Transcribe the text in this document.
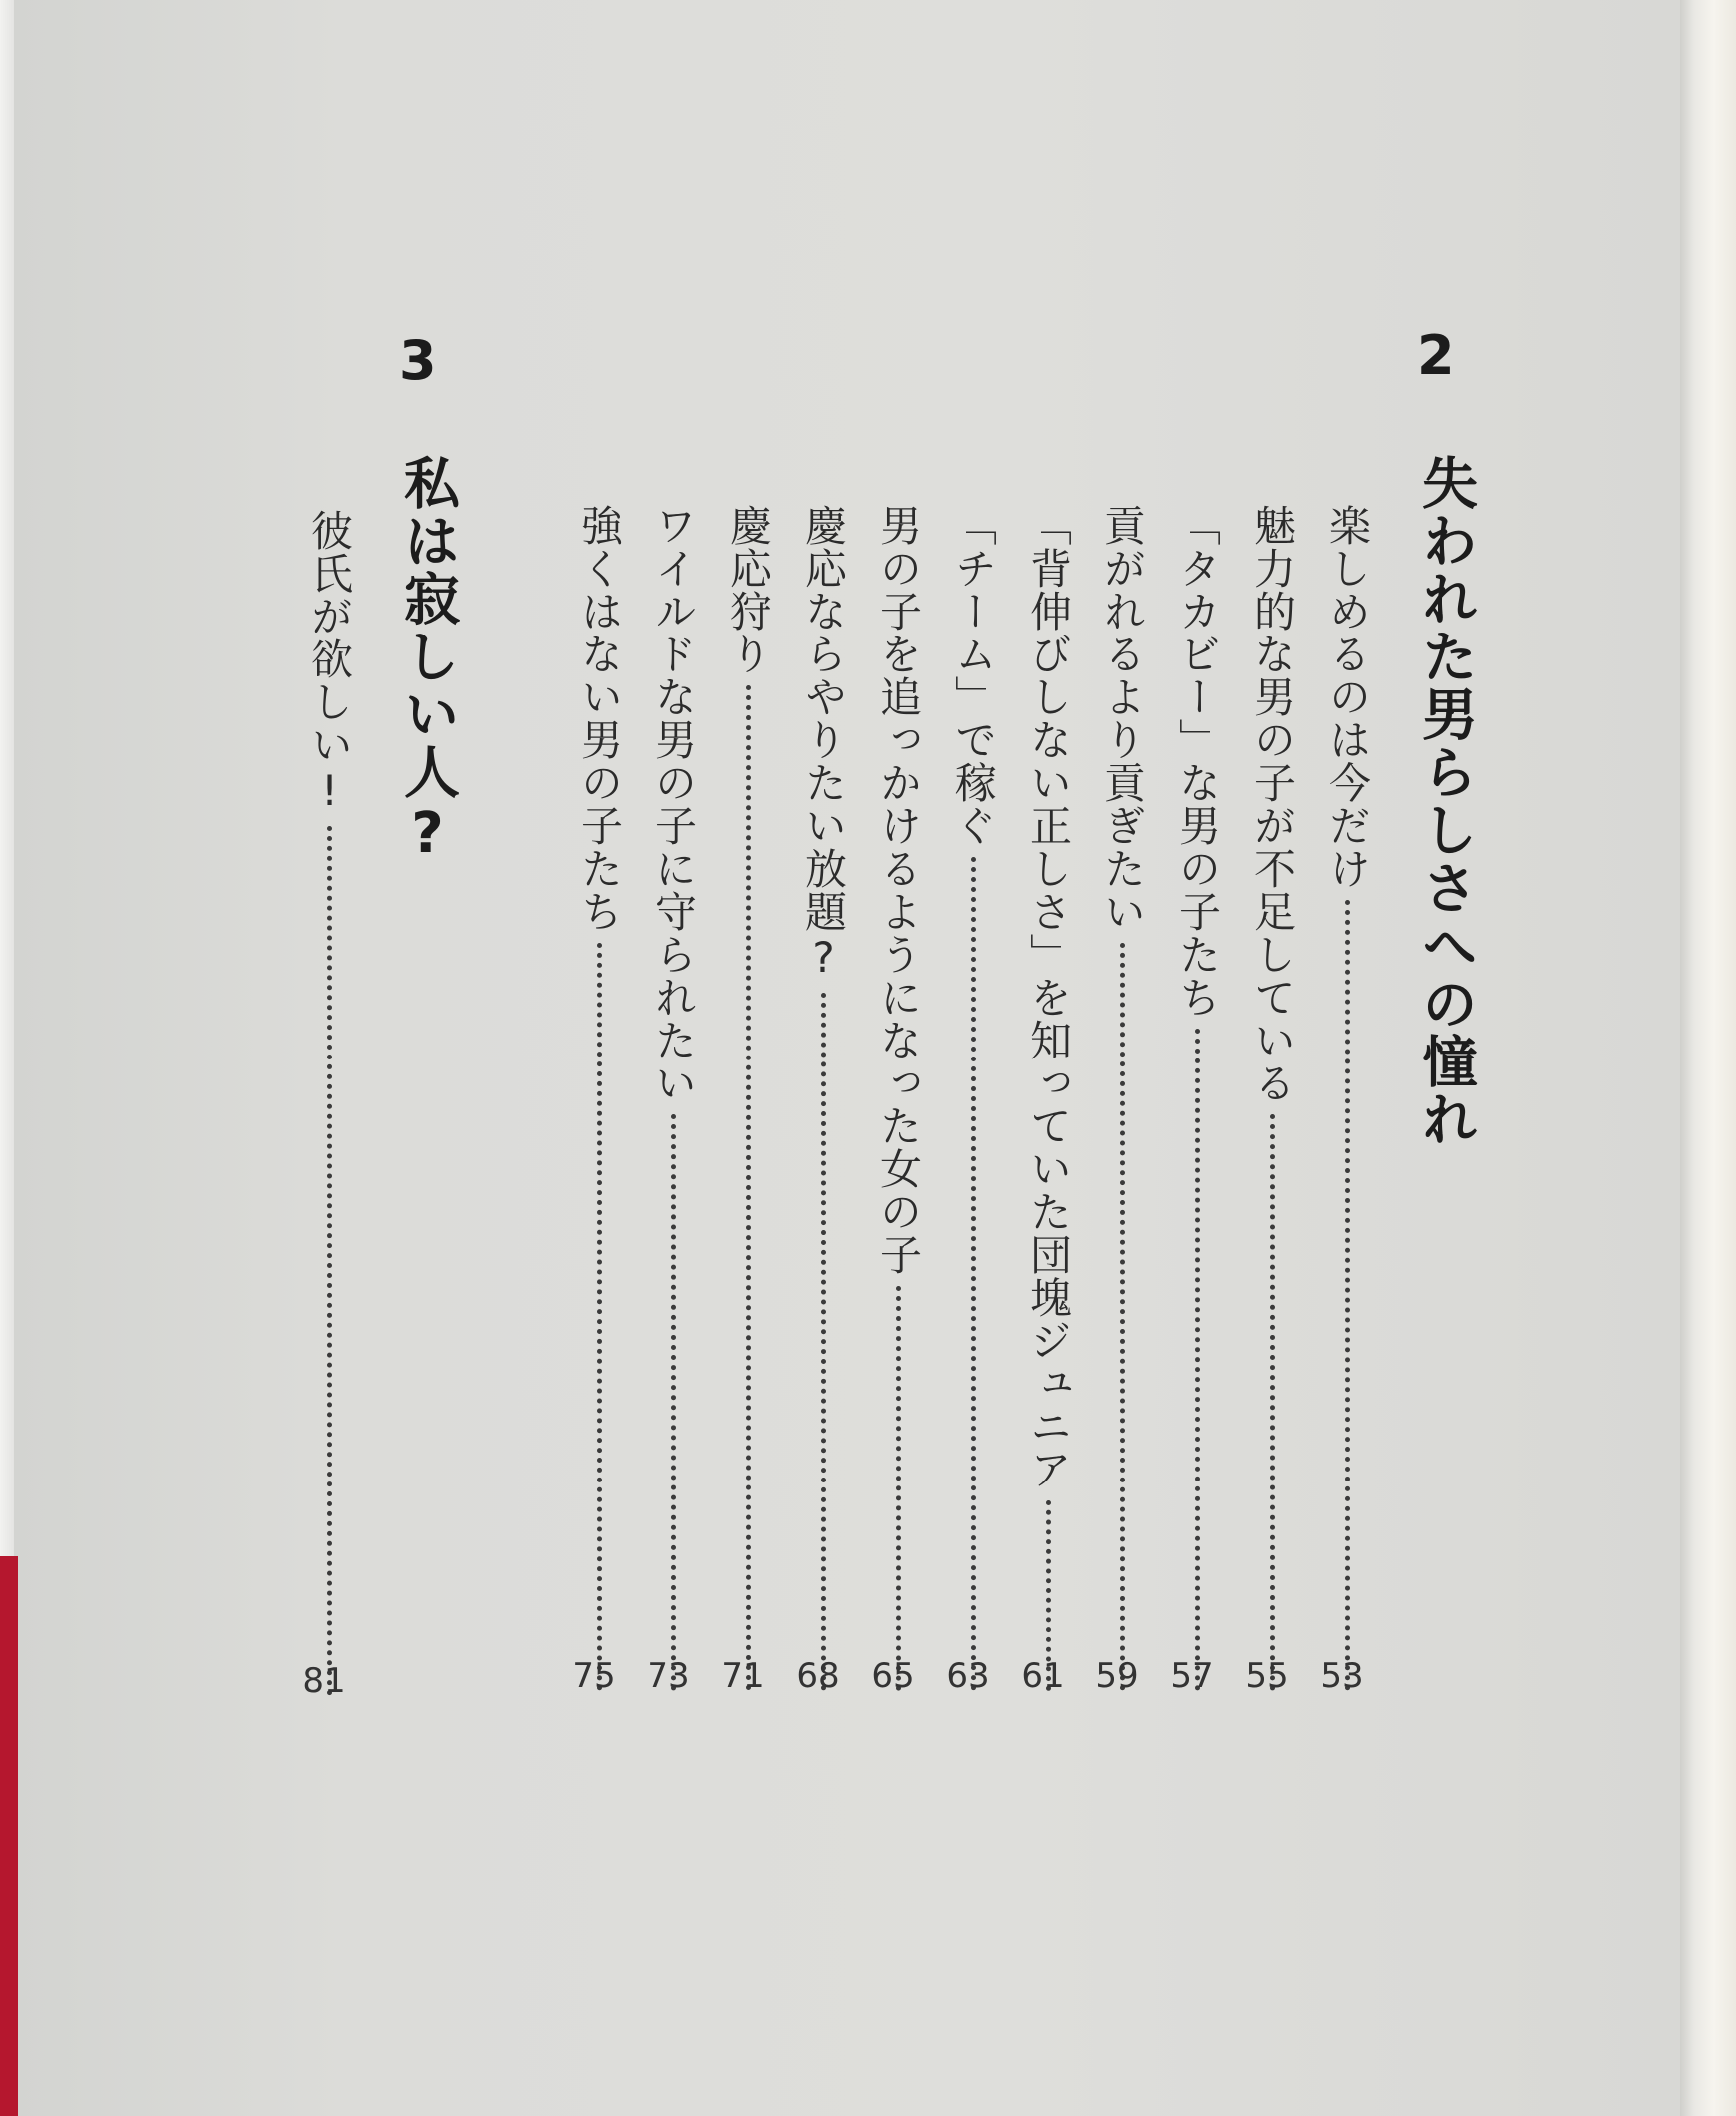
2
失われた男らしさへの憧れ
楽しめるのは今だけ
魅力的な男の子が不足している
「タカビー」な男の子たち
貢がれるより貢ぎたい
「背伸びしない正しさ」を知っていた団塊ジュニア
「チーム」で稼ぐ
男の子を追っかけるようになった女の子
慶応ならやりたい放題?
慶応狩り
ワイルドな男の子に守られたい
強くはない男の子たち
3
私は寂しい人?
彼氏が欲しい!
53
55
57
59
61
63
65
68
71
73
75
81
